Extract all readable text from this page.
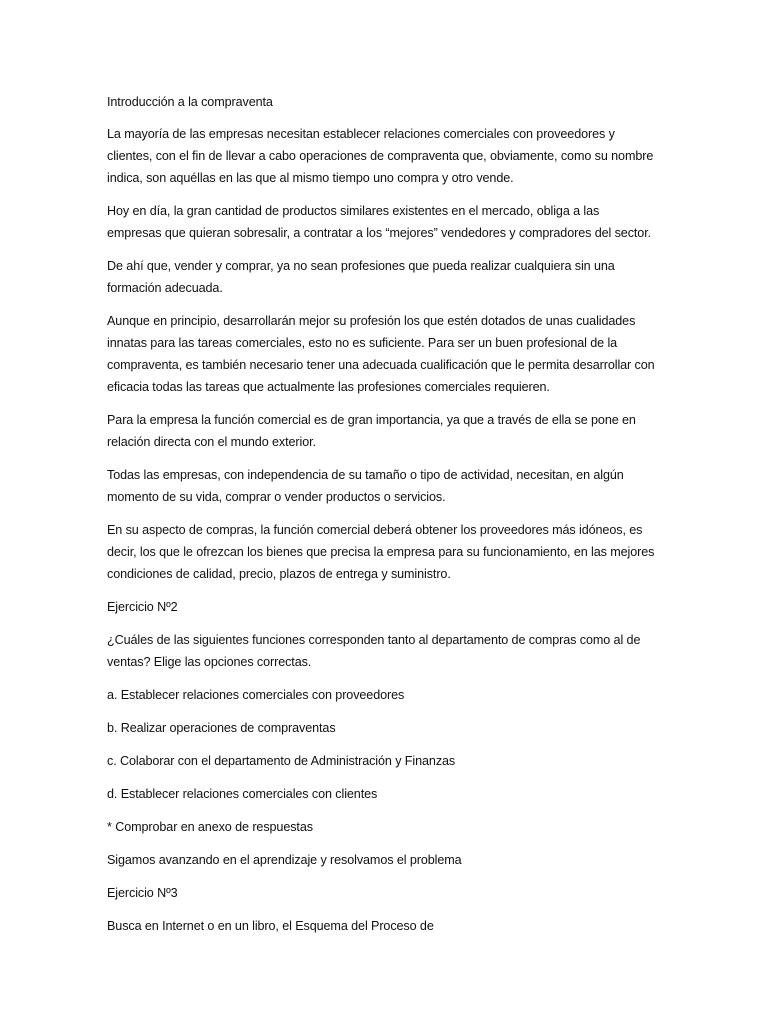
Introducción a la compraventa

La mayoría de las empresas necesitan establecer relaciones comerciales con proveedores y clientes, con el fin de llevar a cabo operaciones de compraventa que, obviamente, como su nombre indica, son aquéllas en las que al mismo tiempo uno compra y otro vende.

Hoy en día, la gran cantidad de productos similares existentes en el mercado, obliga a las empresas que quieran sobresalir, a contratar a los “mejores” vendedores y compradores del sector.

De ahí que, vender y comprar, ya no sean profesiones que pueda realizar cualquiera sin una formación adecuada.

Aunque en principio, desarrollarán mejor su profesión los que estén dotados de unas cualidades innatas para las tareas comerciales, esto no es suficiente. Para ser un buen profesional de la compraventa, es también necesario tener una adecuada cualificación que le permita desarrollar con eficacia todas las tareas que actualmente las profesiones comerciales requieren.

Para la empresa la función comercial es de gran importancia, ya que a través de ella se pone en relación directa con el mundo exterior.

Todas las empresas, con independencia de su tamaño o tipo de actividad, necesitan, en algún momento de su vida, comprar o vender productos o servicios.

En su aspecto de compras, la función comercial deberá obtener los proveedores más idóneos, es decir, los que le ofrezcan los bienes que precisa la empresa para su funcionamiento, en las mejores condiciones de calidad, precio, plazos de entrega y suministro.

Ejercicio Nº2

¿Cuáles de las siguientes funciones corresponden tanto al departamento de compras como al de ventas? Elige las opciones correctas.

a. Establecer relaciones comerciales con proveedores

b. Realizar operaciones de compraventas

c. Colaborar con el departamento de Administración y Finanzas

d. Establecer relaciones comerciales con clientes

* Comprobar en anexo de respuestas

Sigamos avanzando en el aprendizaje y resolvamos el problema

Ejercicio Nº3

Busca en Internet o en un libro, el Esquema del Proceso de
